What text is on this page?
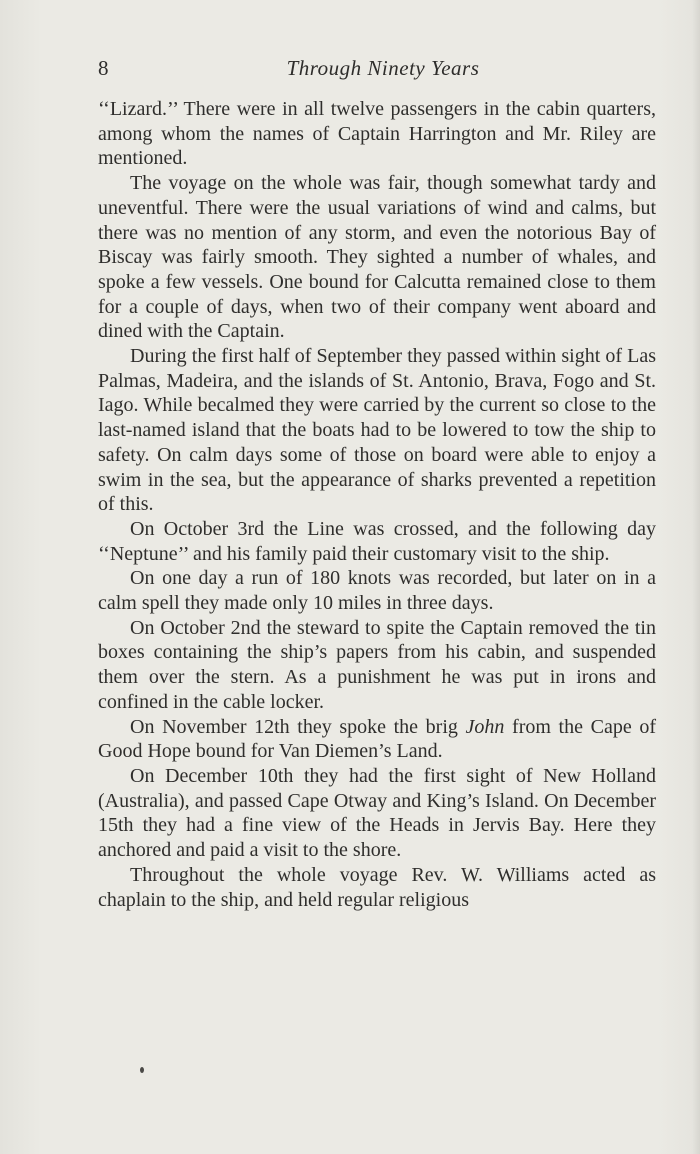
8	Through Ninety Years

‘‘Lizard.’’ There were in all twelve passengers in the cabin quarters, among whom the names of Captain Harrington and Mr. Riley are mentioned.

The voyage on the whole was fair, though somewhat tardy and uneventful. There were the usual variations of wind and calms, but there was no mention of any storm, and even the notorious Bay of Biscay was fairly smooth. They sighted a number of whales, and spoke a few vessels. One bound for Calcutta remained close to them for a couple of days, when two of their company went aboard and dined with the Captain.

During the first half of September they passed within sight of Las Palmas, Madeira, and the islands of St. Antonio, Brava, Fogo and St. Iago. While becalmed they were carried by the current so close to the last-named island that the boats had to be lowered to tow the ship to safety. On calm days some of those on board were able to enjoy a swim in the sea, but the appearance of sharks prevented a repetition of this.

On October 3rd the Line was crossed, and the following day ‘‘Neptune’’ and his family paid their customary visit to the ship.

On one day a run of 180 knots was recorded, but later on in a calm spell they made only 10 miles in three days.

On October 2nd the steward to spite the Captain removed the tin boxes containing the ship’s papers from his cabin, and suspended them over the stern. As a punishment he was put in irons and confined in the cable locker.

On November 12th they spoke the brig John from the Cape of Good Hope bound for Van Diemen’s Land.

On December 10th they had the first sight of New Holland (Australia), and passed Cape Otway and King’s Island. On December 15th they had a fine view of the Heads in Jervis Bay. Here they anchored and paid a visit to the shore.

Throughout the whole voyage Rev. W. Williams acted as chaplain to the ship, and held regular religious
